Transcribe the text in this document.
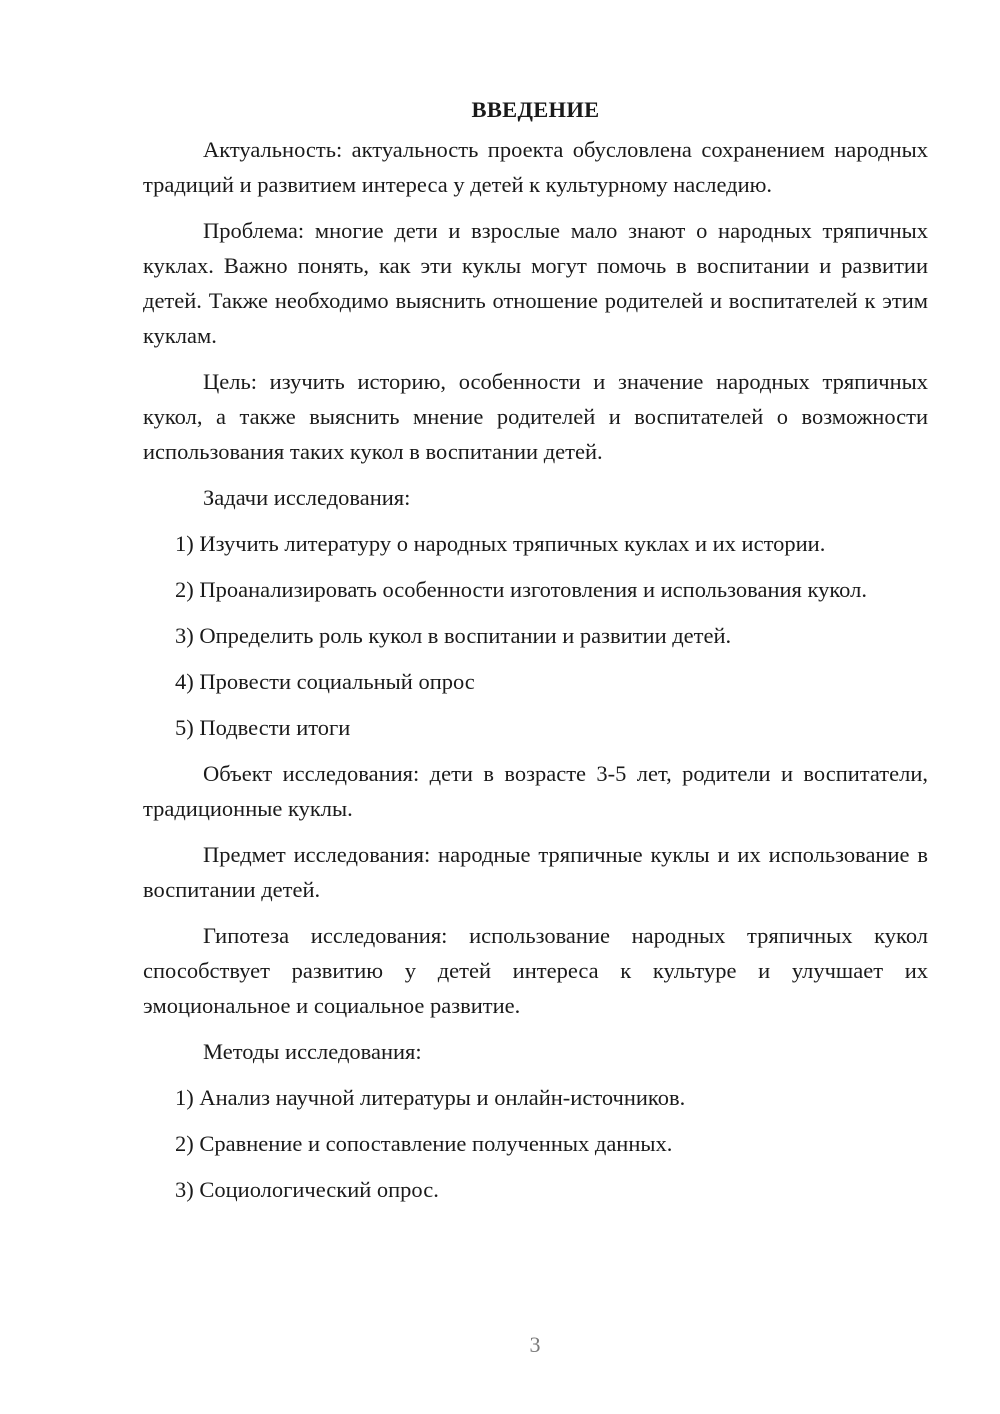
ВВЕДЕНИЕ

Актуальность: актуальность проекта обусловлена сохранением народных традиций и развитием интереса у детей к культурному наследию.

Проблема: многие дети и взрослые мало знают о народных тряпичных куклах. Важно понять, как эти куклы могут помочь в воспитании и развитии детей. Также необходимо выяснить отношение родителей и воспитателей к этим куклам.

Цель: изучить историю, особенности и значение народных тряпичных кукол, а также выяснить мнение родителей и воспитателей о возможности использования таких кукол в воспитании детей.

Задачи исследования:

1) Изучить литературу о народных тряпичных куклах и их истории.

2) Проанализировать особенности изготовления и использования кукол.

3) Определить роль кукол в воспитании и развитии детей.

4) Провести социальный опрос

5) Подвести итоги

Объект исследования: дети в возрасте 3-5 лет, родители и воспитатели, традиционные куклы.

Предмет исследования: народные тряпичные куклы и их использование в воспитании детей.

Гипотеза исследования: использование народных тряпичных кукол способствует развитию у детей интереса к культуре и улучшает их эмоциональное и социальное развитие.

Методы исследования:

1) Анализ научной литературы и онлайн-источников.

2) Сравнение и сопоставление полученных данных.

3) Социологический опрос.

3
